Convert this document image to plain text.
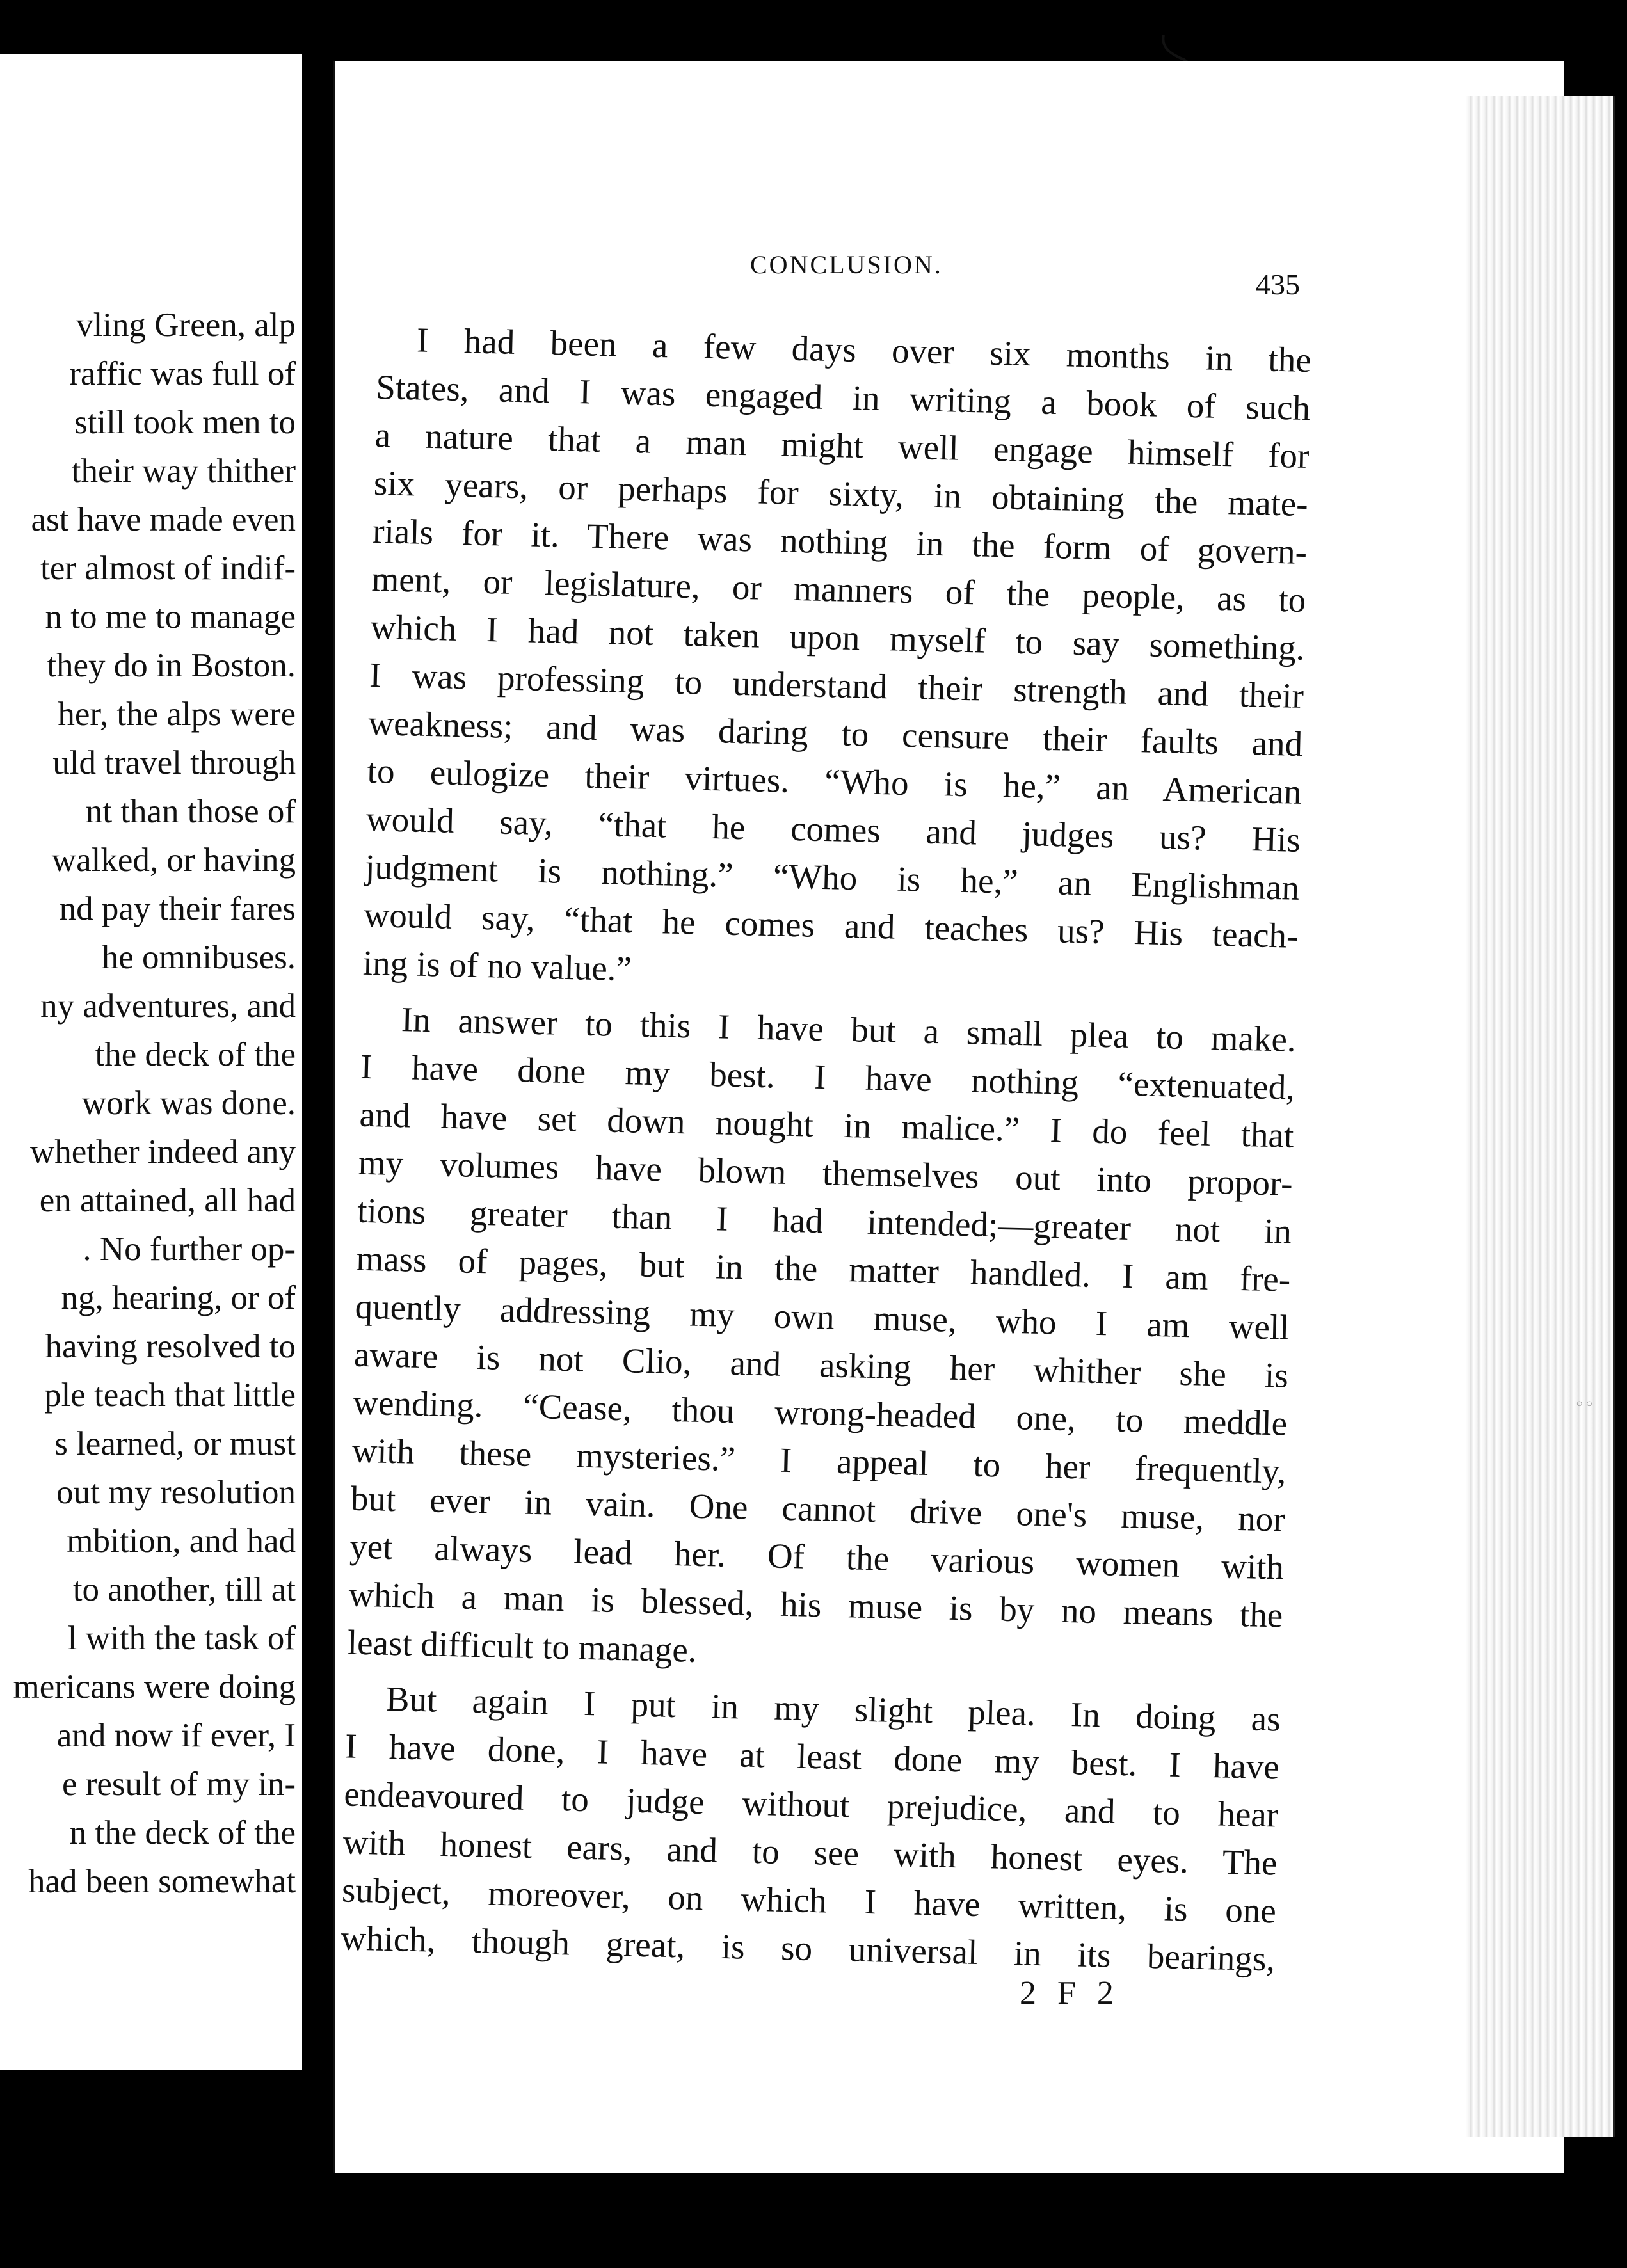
vling Green, alp
raffic was full of
still took men to
their way thither
ast have made even
ter almost of indif-
n to me to manage
they do in Boston.
her, the alps were
uld travel through
nt than those of
walked, or having
nd pay their fares
he omnibuses.
ny adventures, and
the deck of the
work was done.
whether indeed any
en attained, all had
. No further op-
ng, hearing, or of
having resolved to
ple teach that little
s learned, or must
out my resolution
mbition, and had
to another, till at
l with the task of
mericans were doing
and now if ever, I
e result of my in-
n the deck of the
had been somewhat
CONCLUSION.
435
I had been a few days over six months in the
States, and I was engaged in writing a book of such
a nature that a man might well engage himself for
six years, or perhaps for sixty, in obtaining the mate-
rials for it. There was nothing in the form of govern-
ment, or legislature, or manners of the people, as to
which I had not taken upon myself to say something.
I was professing to understand their strength and their
weakness; and was daring to censure their faults and
to eulogize their virtues. “Who is he,” an American
would say, “that he comes and judges us? His
judgment is nothing.” “Who is he,” an Englishman
would say, “that he comes and teaches us? His teach-
ing is of no value.”
In answer to this I have but a small plea to make.
I have done my best. I have nothing “extenuated,
and have set down nought in malice.” I do feel that
my volumes have blown themselves out into propor-
tions greater than I had intended;—greater not in
mass of pages, but in the matter handled. I am fre-
quently addressing my own muse, who I am well
aware is not Clio, and asking her whither she is
wending. “Cease, thou wrong-headed one, to meddle
with these mysteries.” I appeal to her frequently,
but ever in vain. One cannot drive one's muse, nor
yet always lead her. Of the various women with
which a man is blessed, his muse is by no means the
least difficult to manage.
But again I put in my slight plea. In doing as
I have done, I have at least done my best. I have
endeavoured to judge without prejudice, and to hear
with honest ears, and to see with honest eyes. The
subject, moreover, on which I have written, is one
which, though great, is so universal in its bearings,
2 F 2
◦◦
